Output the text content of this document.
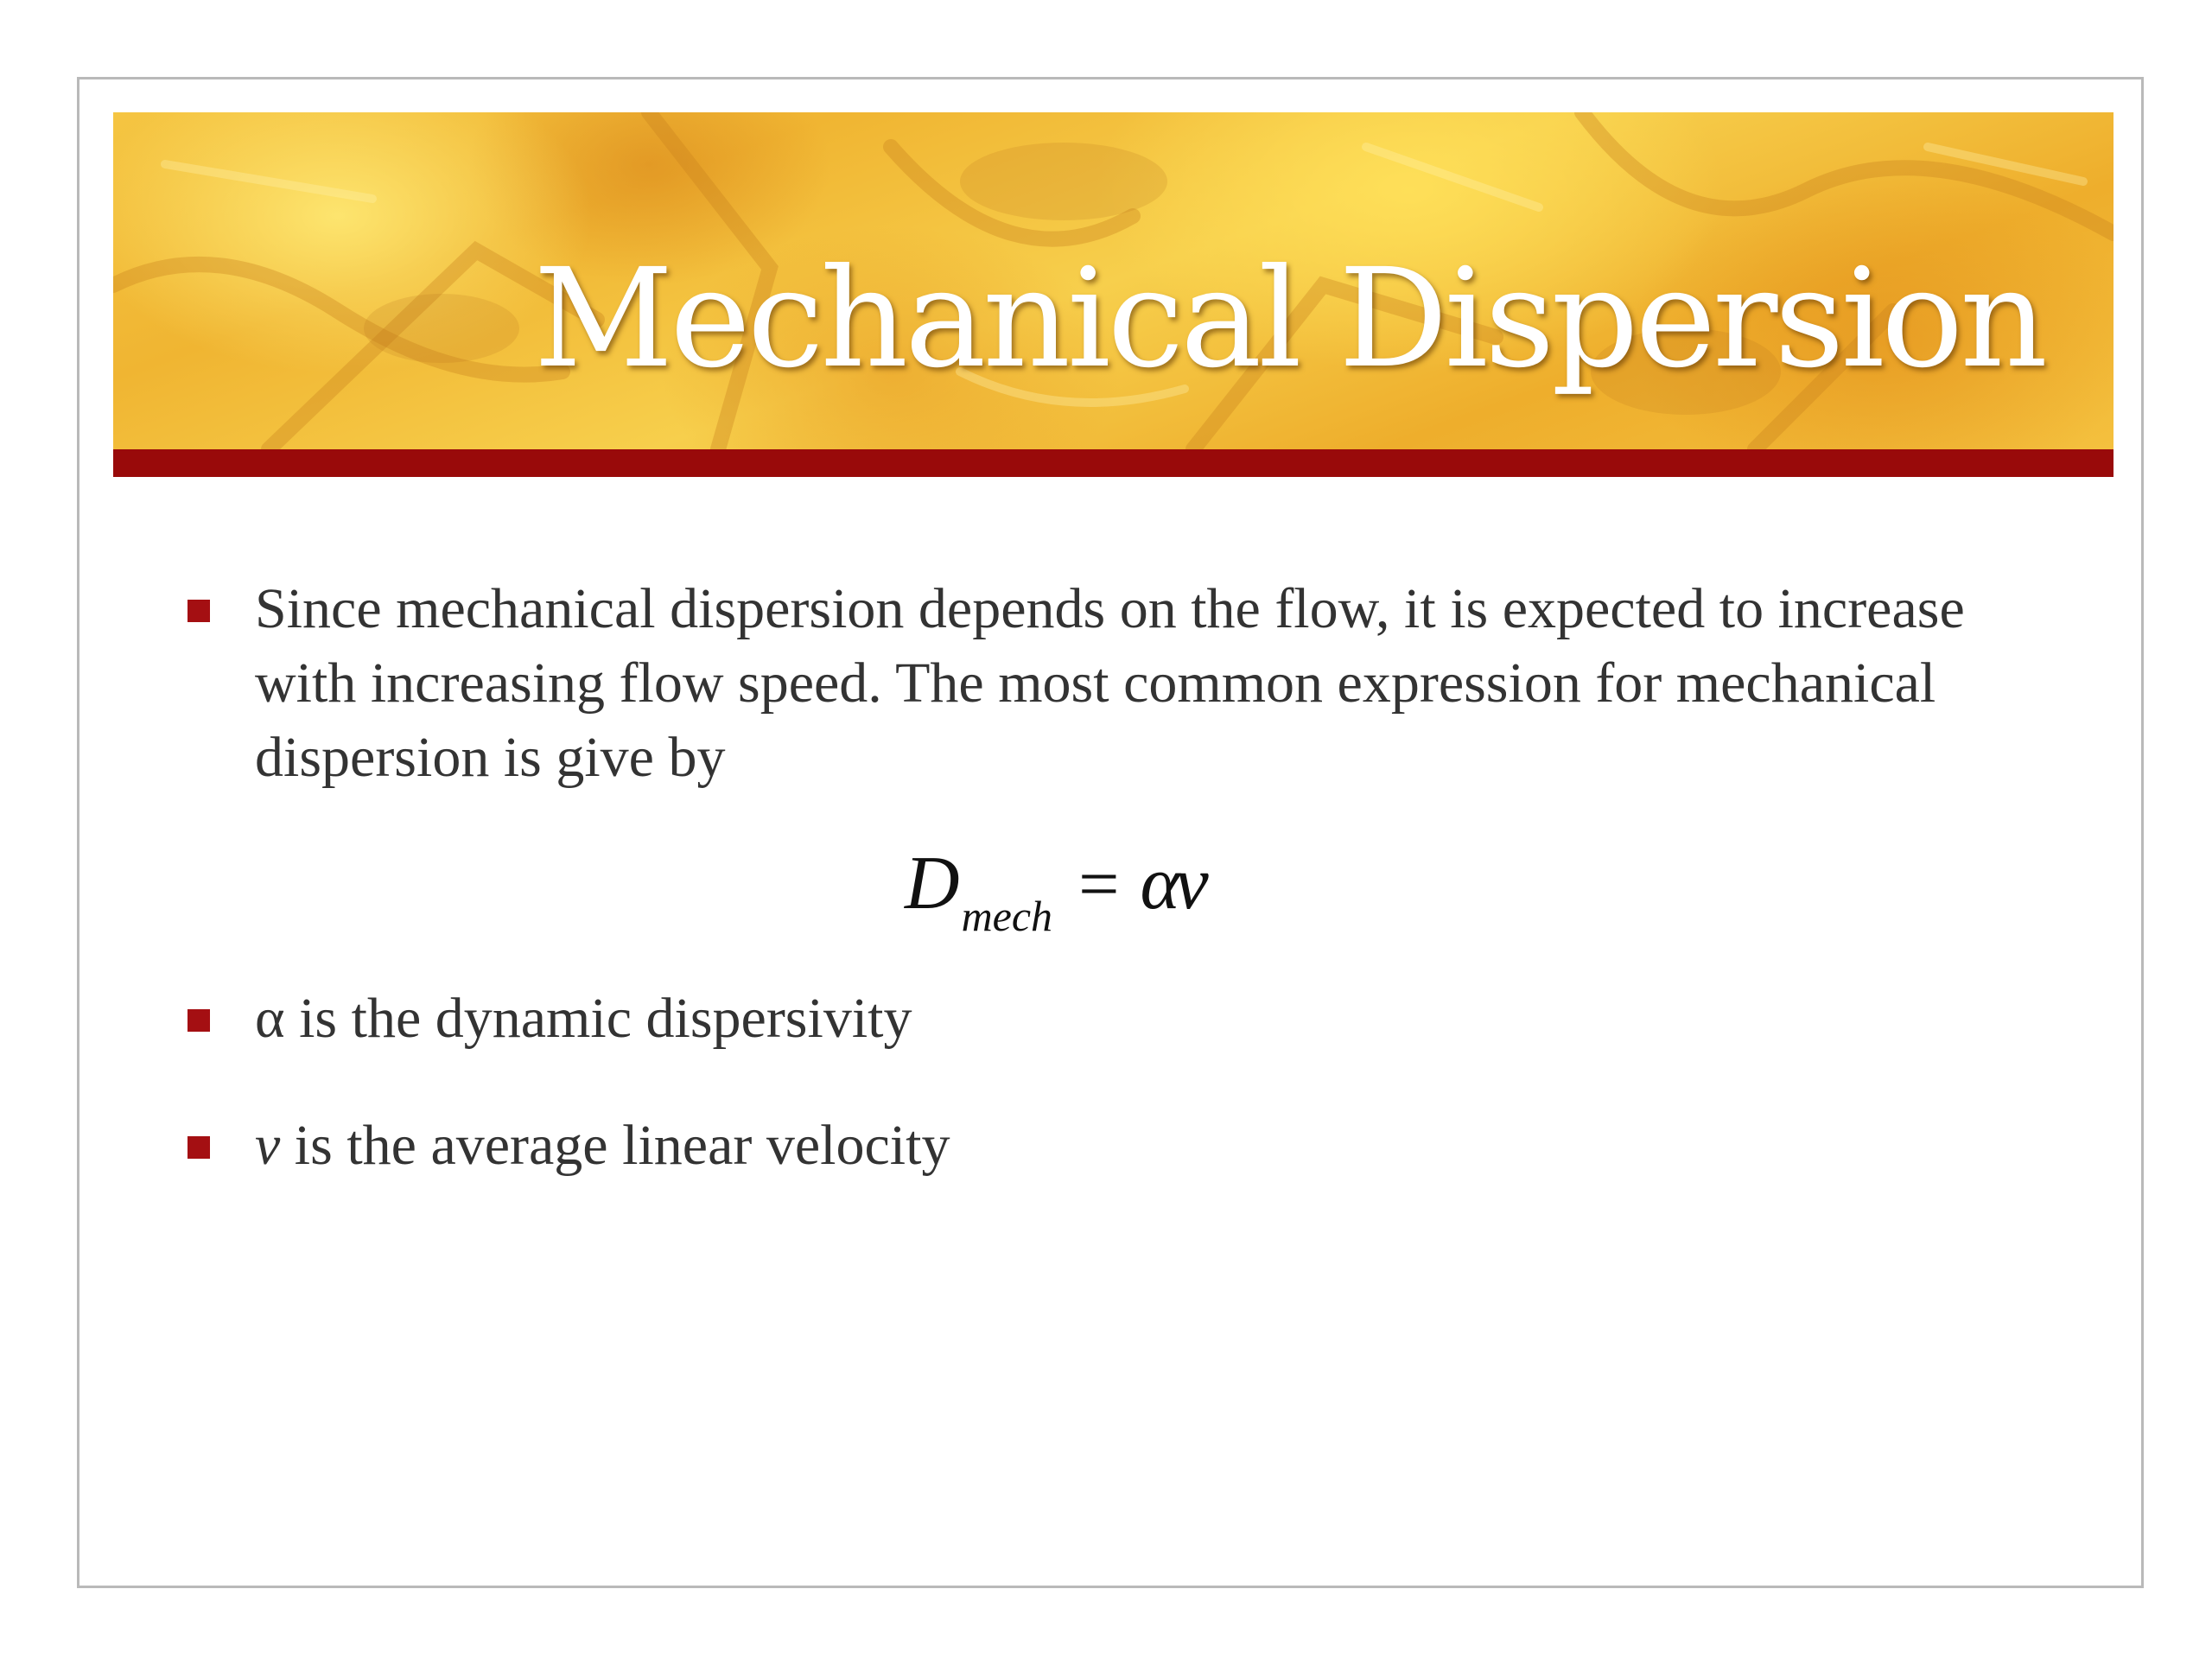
Mechanical Dispersion
Since mechanical dispersion depends on the flow, it is expected to increase with increasing flow speed. The most common expression for mechanical dispersion is give by
Dmech = αv
α is the dynamic dispersivity
v is the average linear velocity
